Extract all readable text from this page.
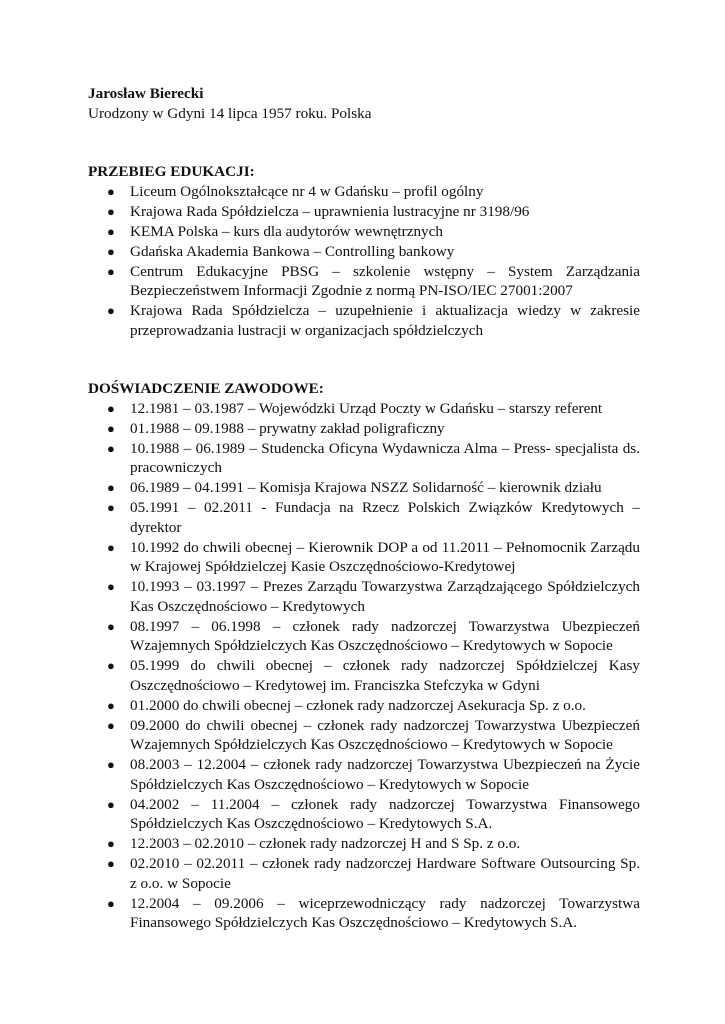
Jarosław Bierecki

Urodzony w Gdyni 14 lipca 1957 roku. Polska

PRZEBIEG EDUKACJI:

● Liceum Ogólnokształcące nr 4 w Gdańsku – profil ogólny
● Krajowa Rada Spółdzielcza – uprawnienia lustracyjne nr 3198/96
● KEMA Polska – kurs dla audytorów wewnętrznych
● Gdańska Akademia Bankowa – Controlling bankowy
● Centrum Edukacyjne PBSG – szkolenie wstępny – System Zarządzania Bezpieczeństwem Informacji Zgodnie z normą PN-ISO/IEC 27001:2007
● Krajowa Rada Spółdzielcza – uzupełnienie i aktualizacja wiedzy w zakresie przeprowadzania lustracji w organizacjach spółdzielczych

DOŚWIADCZENIE ZAWODOWE:

● 12.1981 – 03.1987 – Wojewódzki Urząd Poczty w Gdańsku – starszy referent
● 01.1988 – 09.1988 – prywatny zakład poligraficzny
● 10.1988 – 06.1989 – Studencka Oficyna Wydawnicza Alma – Press- specjalista ds. pracowniczych
● 06.1989 – 04.1991 – Komisja Krajowa NSZZ Solidarność – kierownik działu
● 05.1991 – 02.2011 - Fundacja na Rzecz Polskich Związków Kredytowych – dyrektor
● 10.1992 do chwili obecnej – Kierownik DOP a od 11.2011 – Pełnomocnik Zarządu w Krajowej Spółdzielczej Kasie Oszczędnościowo-Kredytowej
● 10.1993 – 03.1997 – Prezes Zarządu Towarzystwa Zarządzającego Spółdzielczych Kas Oszczędnościowo – Kredytowych
● 08.1997 – 06.1998 – członek rady nadzorczej Towarzystwa Ubezpieczeń Wzajemnych Spółdzielczych Kas Oszczędnościowo – Kredytowych w Sopocie
● 05.1999 do chwili obecnej – członek rady nadzorczej Spółdzielczej Kasy Oszczędnościowo – Kredytowej im. Franciszka Stefczyka w Gdyni
● 01.2000 do chwili obecnej – członek rady nadzorczej Asekuracja Sp. z o.o.
● 09.2000 do chwili obecnej – członek rady nadzorczej Towarzystwa Ubezpieczeń Wzajemnych Spółdzielczych Kas Oszczędnościowo – Kredytowych w Sopocie
● 08.2003 – 12.2004 – członek rady nadzorczej Towarzystwa Ubezpieczeń na Życie Spółdzielczych Kas Oszczędnościowo – Kredytowych w Sopocie
● 04.2002 – 11.2004 – członek rady nadzorczej Towarzystwa Finansowego Spółdzielczych Kas Oszczędnościowo – Kredytowych S.A.
● 12.2003 – 02.2010 – członek rady nadzorczej H and S Sp. z o.o.
● 02.2010 – 02.2011 – członek rady nadzorczej Hardware Software Outsourcing Sp. z o.o. w Sopocie
● 12.2004 – 09.2006 – wiceprzewodniczący rady nadzorczej Towarzystwa Finansowego Spółdzielczych Kas Oszczędnościowo – Kredytowych S.A.
